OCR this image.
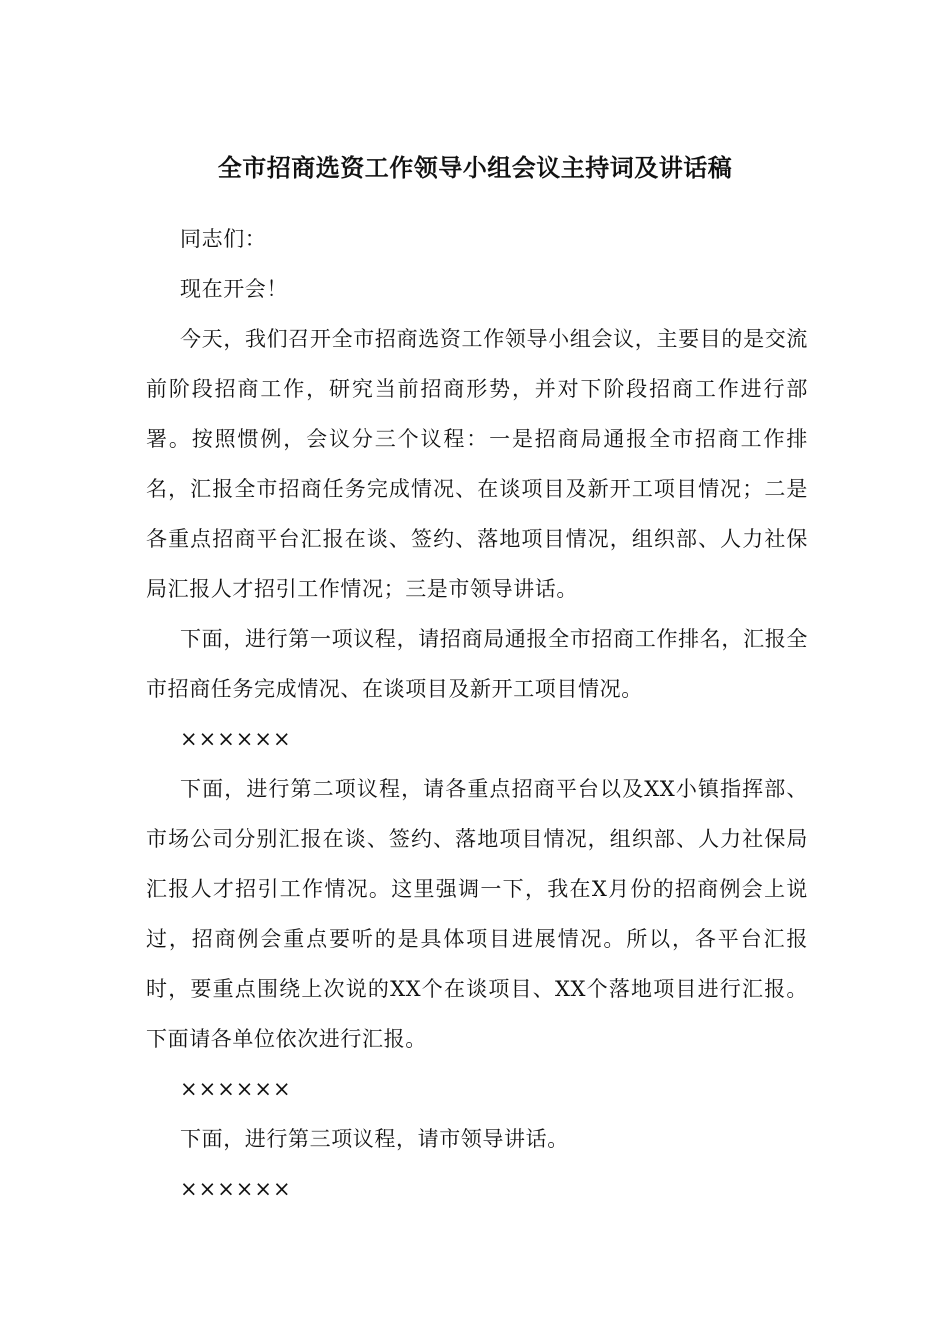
全市招商选资工作领导小组会议主持词及讲话稿

同志们：

现在开会！

今天，我们召开全市招商选资工作领导小组会议，主要目的是交流前阶段招商工作，研究当前招商形势，并对下阶段招商工作进行部署。按照惯例，会议分三个议程：一是招商局通报全市招商工作排名，汇报全市招商任务完成情况、在谈项目及新开工项目情况；二是各重点招商平台汇报在谈、签约、落地项目情况，组织部、人力社保局汇报人才招引工作情况；三是市领导讲话。

下面，进行第一项议程，请招商局通报全市招商工作排名，汇报全市招商任务完成情况、在谈项目及新开工项目情况。

××××××

下面，进行第二项议程，请各重点招商平台以及XX小镇指挥部、市场公司分别汇报在谈、签约、落地项目情况，组织部、人力社保局汇报人才招引工作情况。这里强调一下，我在X月份的招商例会上说过，招商例会重点要听的是具体项目进展情况。所以，各平台汇报时，要重点围绕上次说的XX个在谈项目、XX个落地项目进行汇报。下面请各单位依次进行汇报。

××××××

下面，进行第三项议程，请市领导讲话。

××××××
